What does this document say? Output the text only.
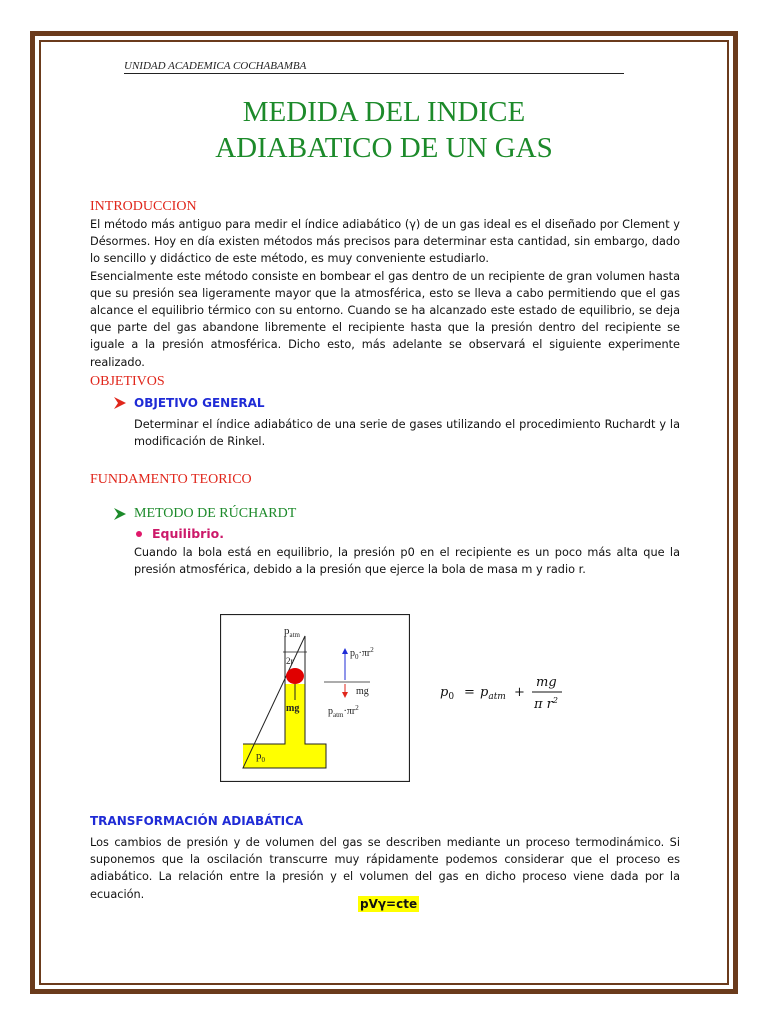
UNIDAD ACADEMICA COCHABAMBA
MEDIDA DEL INDICE
ADIABATICO DE UN GAS
INTRODUCCION

El método más antiguo para medir el índice adiabático (γ) de un gas ideal es el diseñado por Clement y Désormes. Hoy en día existen métodos más precisos para determinar esta cantidad, sin embargo, dado lo sencillo y didáctico de este método, es muy conveniente estudiarlo.

Esencialmente este método consiste en bombear el gas dentro de un recipiente de gran volumen hasta que su presión sea ligeramente mayor que la atmosférica, esto se lleva a cabo permitiendo que el gas alcance el equilibrio térmico con su entorno. Cuando se ha alcanzado este estado de equilibrio, se deja que parte del gas abandone libremente el recipiente hasta que la presión dentro del recipiente se iguale a la presión atmosférica. Dicho esto, más adelante se observará el siguiente experimente realizado.

OBJETIVOS
OBJETIVO GENERAL
Determinar el índice adiabático de una serie de gases utilizando el procedimiento Ruchardt y la modificación de Rinkel.
FUNDAMENTO TEORICO
METODO DE RÚCHARDT
Equilibrio.
Cuando la bola está en equilibrio, la presión p0 en el recipiente es un poco más alta que la presión atmosférica, debido a la presión que ejerce la bola de masa m y radio r.
$p_{atm}$
2r
mg
$p_0\cdot\pi r^2$
mg
$p_{atm}\cdot\pi r^2$
$p_0$
$p_0 = p_{atm}$ +
mg
π $r^2$
TRANSFORMACIÓN ADIABÁTICA
Los cambios de presión y de volumen del gas se describen mediante un proceso termodinámico. Si suponemos que la oscilación transcurre muy rápidamente podemos considerar que el proceso es adiabático. La relación entre la presión y el volumen del gas en dicho proceso viene dada por la ecuación.
pVγ=cte
